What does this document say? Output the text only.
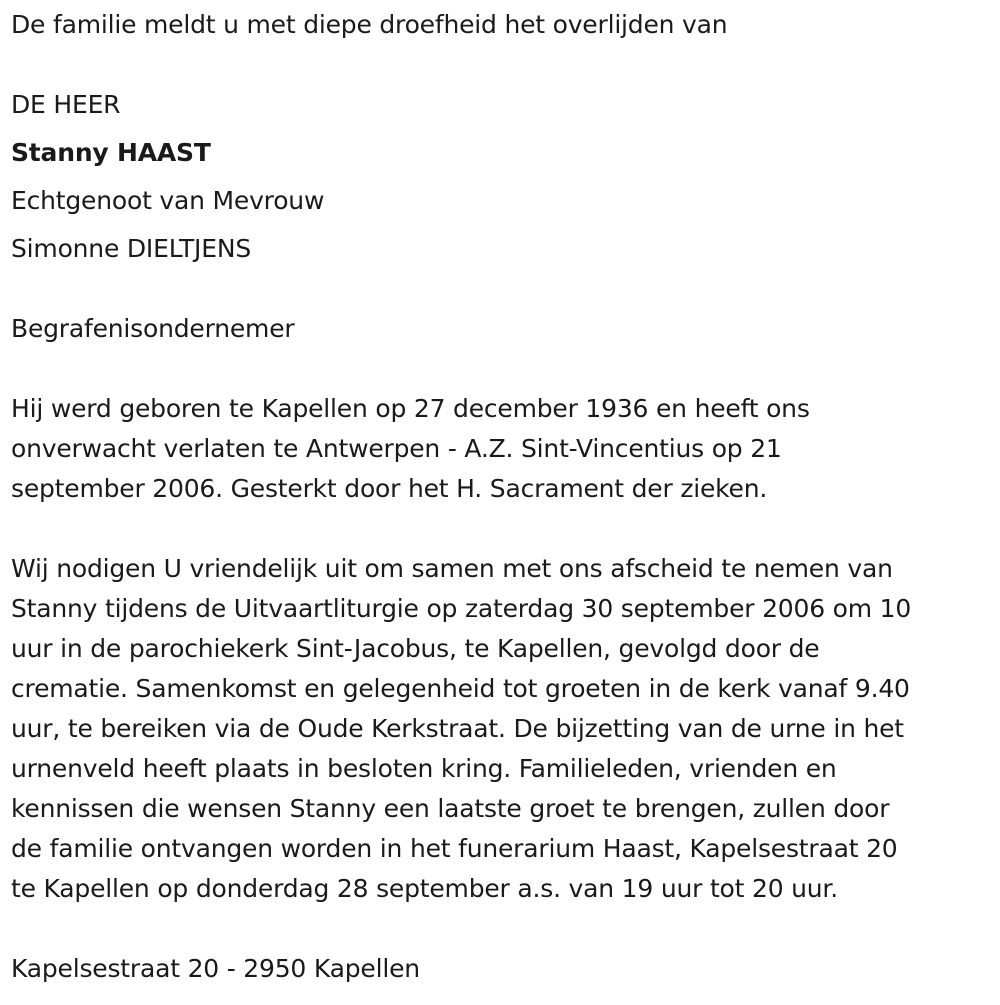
De familie meldt u met diepe droefheid het overlijden van
DE HEER
Stanny HAAST
Echtgenoot van Mevrouw
Simonne DIELTJENS
Begrafenisondernemer
Hij werd geboren te Kapellen op 27 december 1936 en heeft ons
onverwacht verlaten te Antwerpen - A.Z. Sint-Vincentius op 21
september 2006. Gesterkt door het H. Sacrament der zieken.
Wij nodigen U vriendelijk uit om samen met ons afscheid te nemen van
Stanny tijdens de Uitvaartliturgie op zaterdag 30 september 2006 om 10
uur in de parochiekerk Sint-Jacobus, te Kapellen, gevolgd door de
crematie. Samenkomst en gelegenheid tot groeten in de kerk vanaf 9.40
uur, te bereiken via de Oude Kerkstraat. De bijzetting van de urne in het
urnenveld heeft plaats in besloten kring. Familieleden, vrienden en
kennissen die wensen Stanny een laatste groet te brengen, zullen door
de familie ontvangen worden in het funerarium Haast, Kapelsestraat 20
te Kapellen op donderdag 28 september a.s. van 19 uur tot 20 uur.
Kapelsestraat 20 - 2950 Kapellen
